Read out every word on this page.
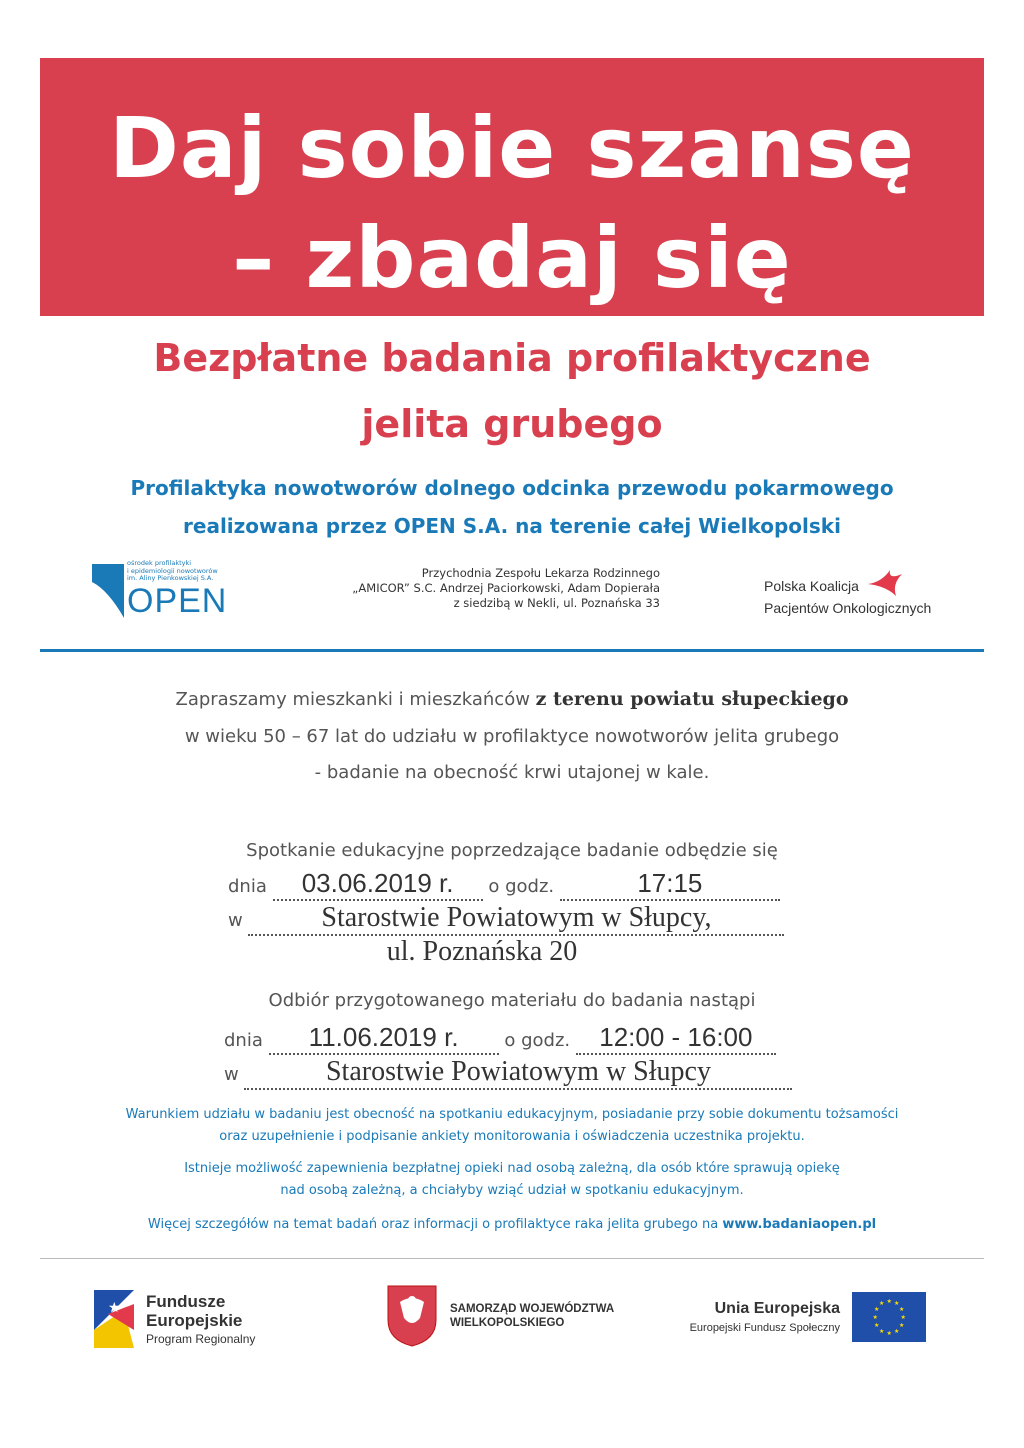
Daj sobie szansę
– zbadaj się
Bezpłatne badania profilaktyczne
jelita grubego
Profilaktyka nowotworów dolnego odcinka przewodu pokarmowego
realizowana przez OPEN S.A. na terenie całej Wielkopolski
ośrodek profilaktyki
i epidemiologii nowotworów
im. Aliny Pienkowskiej S.A.
OPEN
Przychodnia Zespołu Lekarza Rodzinnego
„AMICOR” S.C. Andrzej Paciorkowski, Adam Dopierała
z siedzibą w Nekli, ul. Poznańska 33
Polska Koalicja
Pacjentów Onkologicznych
Zapraszamy mieszkanki i mieszkańców z terenu powiatu słupeckiego
w wieku 50 – 67 lat do udziału w profilaktyce nowotworów jelita grubego
- badanie na obecność krwi utajonej w kale.
Spotkanie edukacyjne poprzedzające badanie odbędzie się
dnia 03.06.2019 r. o godz.	17:15
w	Starostwie Powiatowym w Słupcy,
ul. Poznańska 20
Odbiór przygotowanego materiału do badania nastąpi
dnia 11.06.2019 r.	o godz. 12:00 - 16:00
w	Starostwie Powiatowym w Słupcy
Warunkiem udziału w badaniu jest obecność na spotkaniu edukacyjnym, posiadanie przy sobie dokumentu tożsamości
oraz uzupełnienie i podpisanie ankiety monitorowania i oświadczenia uczestnika projektu.
Istnieje możliwość zapewnienia bezpłatnej opieki nad osobą zależną, dla osób które sprawują opiekę
nad osobą zależną, a chciałyby wziąć udział w spotkaniu edukacyjnym.
Więcej szczegółów na temat badań oraz informacji o profilaktyce raka jelita grubego na www.badaniaopen.pl
★ Fundusze
Europejskie
Program Regionalny
SAMORZĄD WOJEWÓDZTWA
WIELKOPOLSKIEGO
Unia Europejska
Europejski Fundusz Społeczny
★ ★
★
★
★
★
★
★
★
★
★
★
